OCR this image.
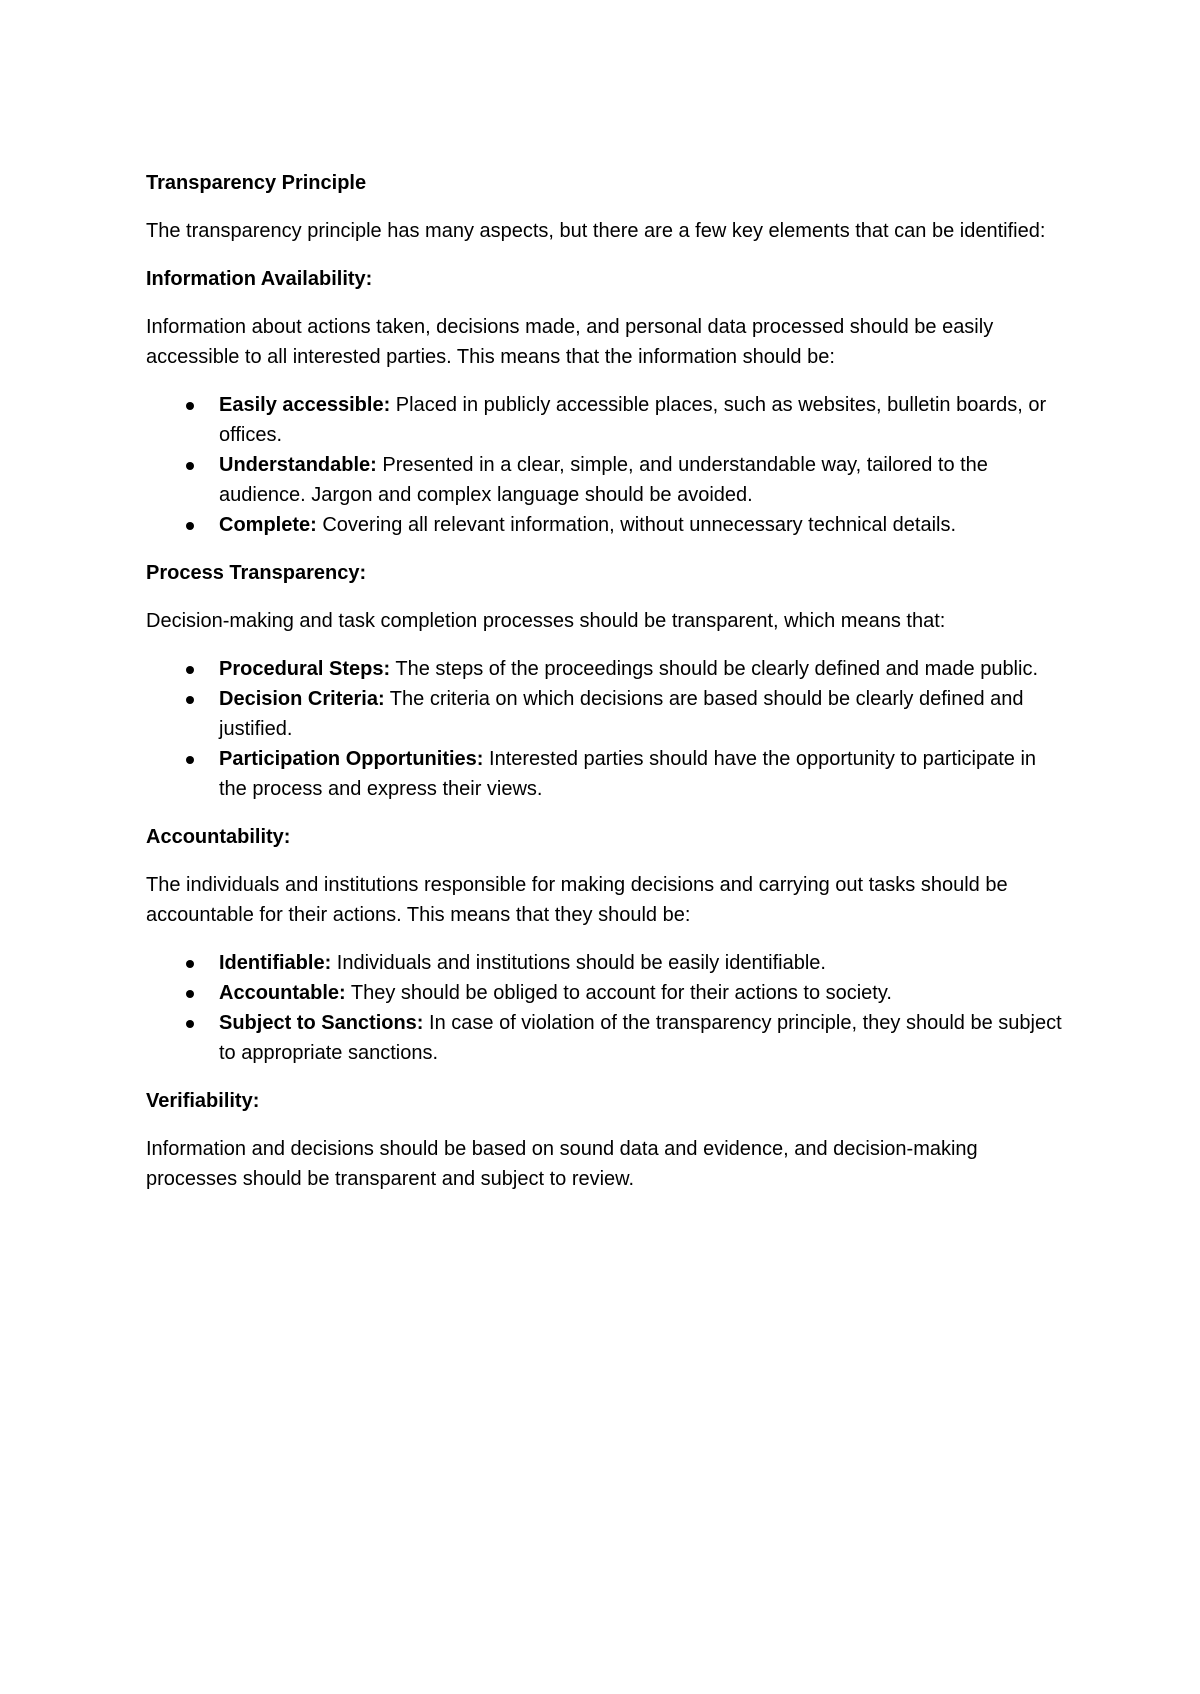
Transparency Principle

The transparency principle has many aspects, but there are a few key elements that can be identified:

Information Availability:

Information about actions taken, decisions made, and personal data processed should be easily accessible to all interested parties. This means that the information should be:

Easily accessible: Placed in publicly accessible places, such as websites, bulletin boards, or offices.
Understandable: Presented in a clear, simple, and understandable way, tailored to the audience. Jargon and complex language should be avoided.
Complete: Covering all relevant information, without unnecessary technical details.
Process Transparency:

Decision-making and task completion processes should be transparent, which means that:

Procedural Steps: The steps of the proceedings should be clearly defined and made public.
Decision Criteria: The criteria on which decisions are based should be clearly defined and justified.
Participation Opportunities: Interested parties should have the opportunity to participate in the process and express their views.
Accountability:

The individuals and institutions responsible for making decisions and carrying out tasks should be accountable for their actions. This means that they should be:

Identifiable: Individuals and institutions should be easily identifiable.
Accountable: They should be obliged to account for their actions to society.
Subject to Sanctions: In case of violation of the transparency principle, they should be subject to appropriate sanctions.
Verifiability:

Information and decisions should be based on sound data and evidence, and decision-making processes should be transparent and subject to review.
